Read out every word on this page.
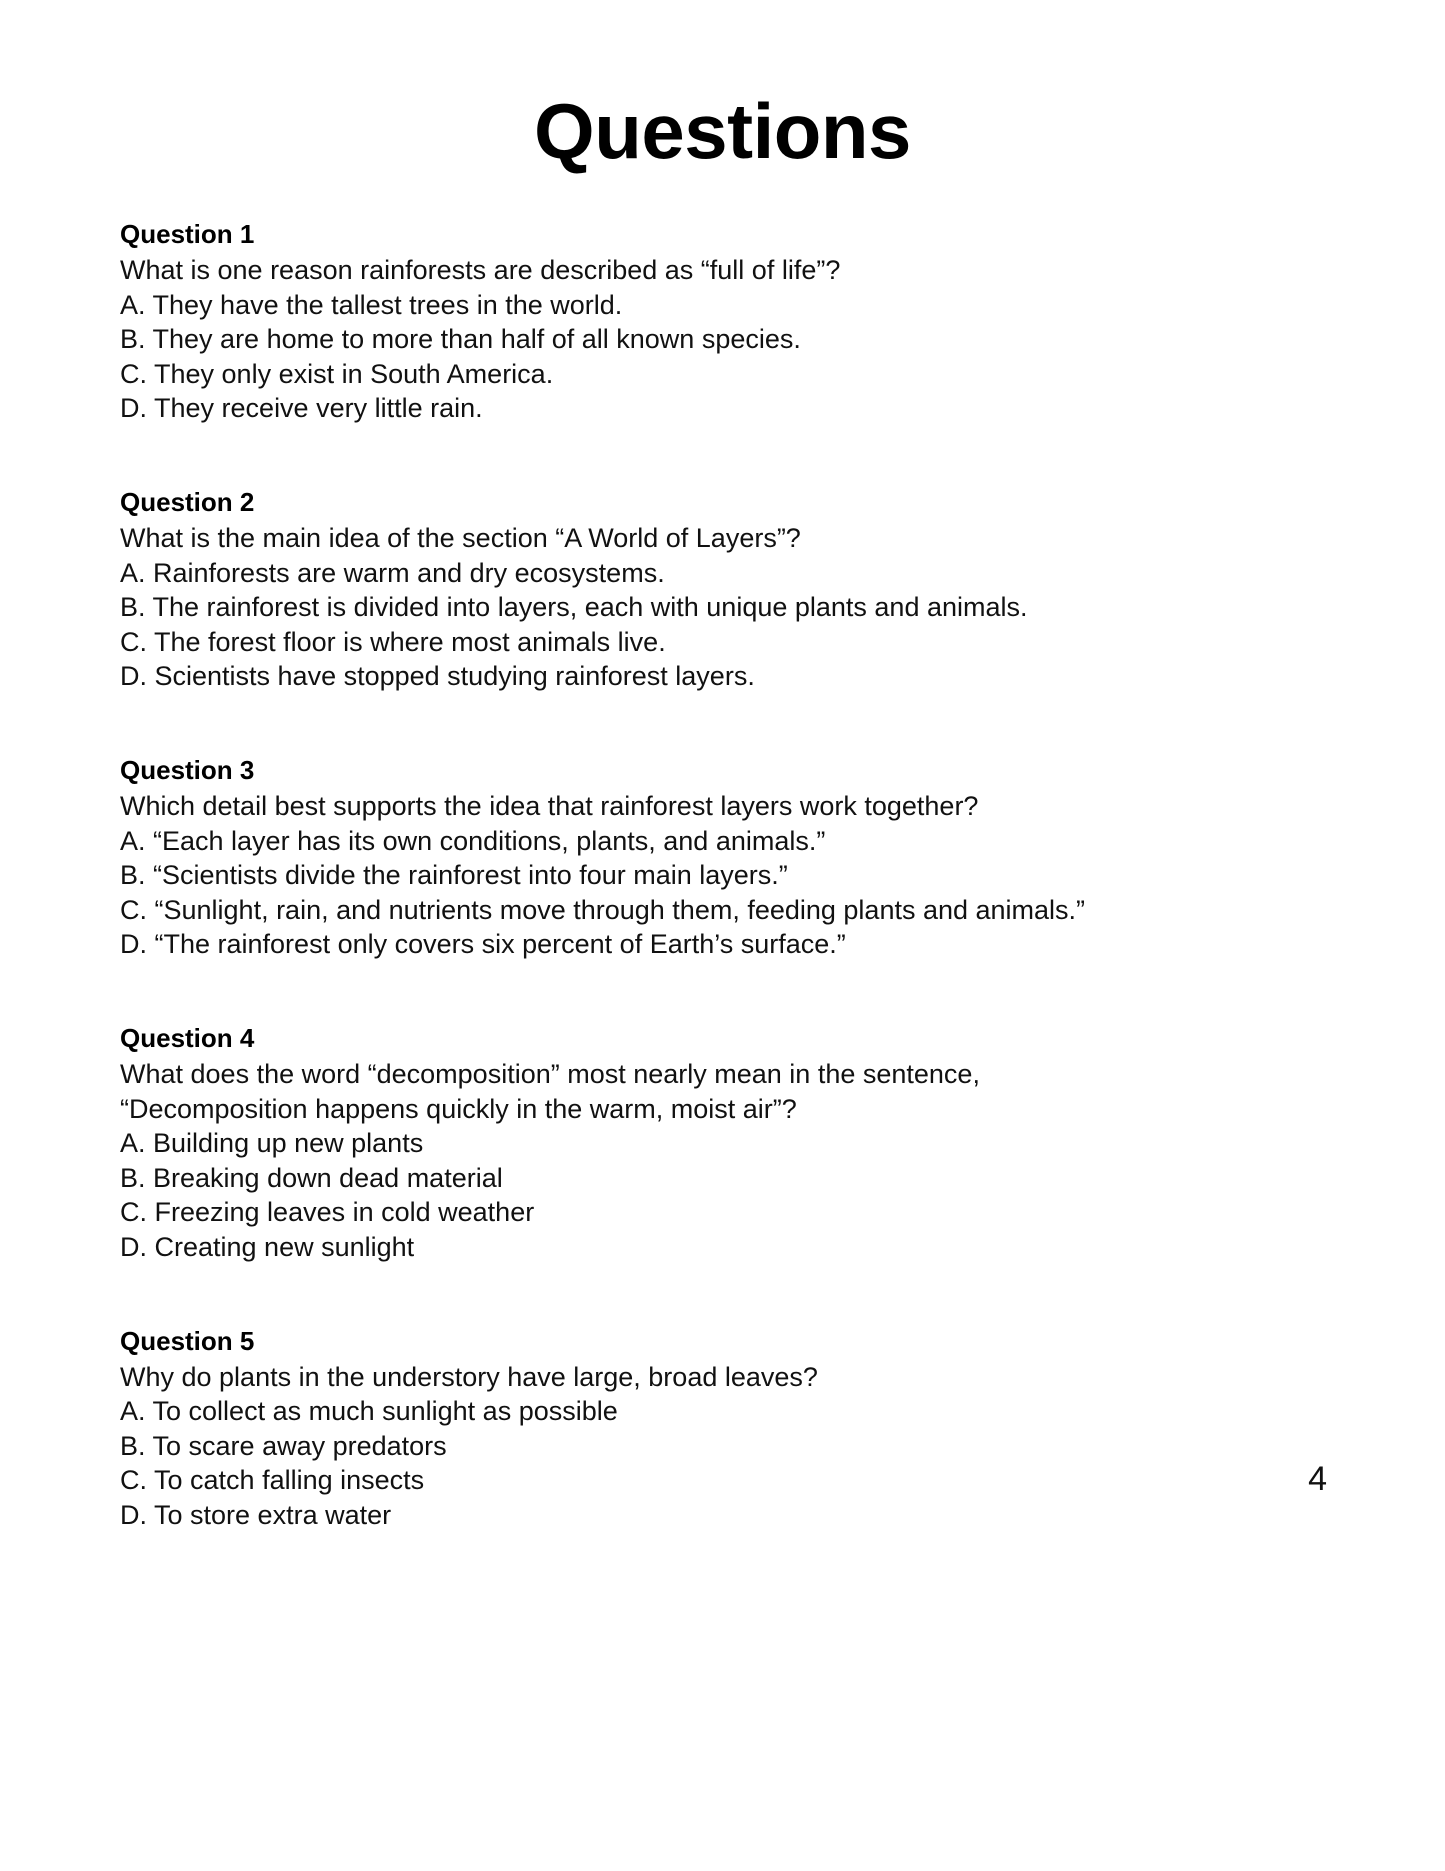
Questions
Question 1
What is one reason rainforests are described as “full of life”?
A. They have the tallest trees in the world.
B. They are home to more than half of all known species.
C. They only exist in South America.
D. They receive very little rain.
Question 2
What is the main idea of the section “A World of Layers”?
A. Rainforests are warm and dry ecosystems.
B. The rainforest is divided into layers, each with unique plants and animals.
C. The forest floor is where most animals live.
D. Scientists have stopped studying rainforest layers.
Question 3
Which detail best supports the idea that rainforest layers work together?
A. “Each layer has its own conditions, plants, and animals.”
B. “Scientists divide the rainforest into four main layers.”
C. “Sunlight, rain, and nutrients move through them, feeding plants and animals.”
D. “The rainforest only covers six percent of Earth’s surface.”
Question 4
What does the word “decomposition” most nearly mean in the sentence,
“Decomposition happens quickly in the warm, moist air”?
A. Building up new plants
B. Breaking down dead material
C. Freezing leaves in cold weather
D. Creating new sunlight
Question 5
Why do plants in the understory have large, broad leaves?
A. To collect as much sunlight as possible
B. To scare away predators
C. To catch falling insects
D. To store extra water
4
